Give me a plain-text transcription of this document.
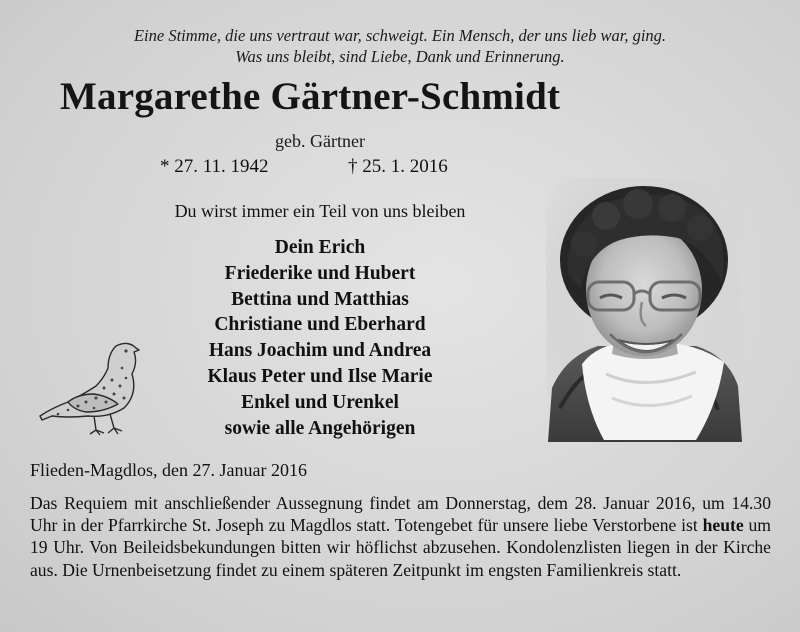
Eine Stimme, die uns vertraut war, schweigt. Ein Mensch, der uns lieb war, ging.
Was uns bleibt, sind Liebe, Dank und Erinnerung.
Margarethe Gärtner-Schmidt
geb. Gärtner
* 27. 11. 1942	† 25. 1. 2016
Du wirst immer ein Teil von uns bleiben
Dein Erich
Friederike und Hubert
Bettina und Matthias
Christiane und Eberhard
Hans Joachim und Andrea
Klaus Peter und Ilse Marie
Enkel und Urenkel
sowie alle Angehörigen
Flieden-Magdlos, den 27. Januar 2016
Das Requiem mit anschließender Aussegnung findet am Donnerstag, dem 28. Januar 2016, um 14.30 Uhr in der Pfarrkirche St. Joseph zu Magdlos statt. Totengebet für unsere liebe Verstorbene ist heute um 19 Uhr. Von Beileidsbekundungen bitten wir höflichst abzusehen. Kondolenzlisten liegen in der Kirche aus. Die Urnenbeisetzung findet zu einem späteren Zeitpunkt im engsten Familienkreis statt.
